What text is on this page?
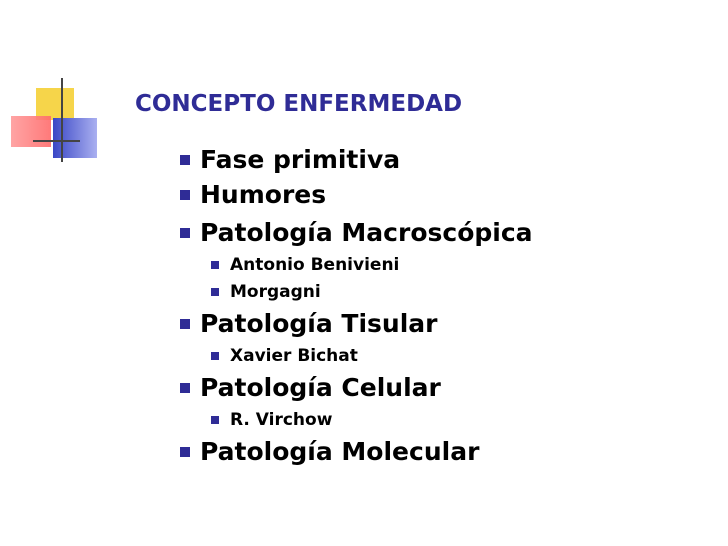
CONCEPTO ENFERMEDAD
Fase primitiva
Humores
Patología Macroscópica
Antonio Benivieni
Morgagni
Patología Tisular
Xavier Bichat
Patología Celular
R. Virchow
Patología Molecular
